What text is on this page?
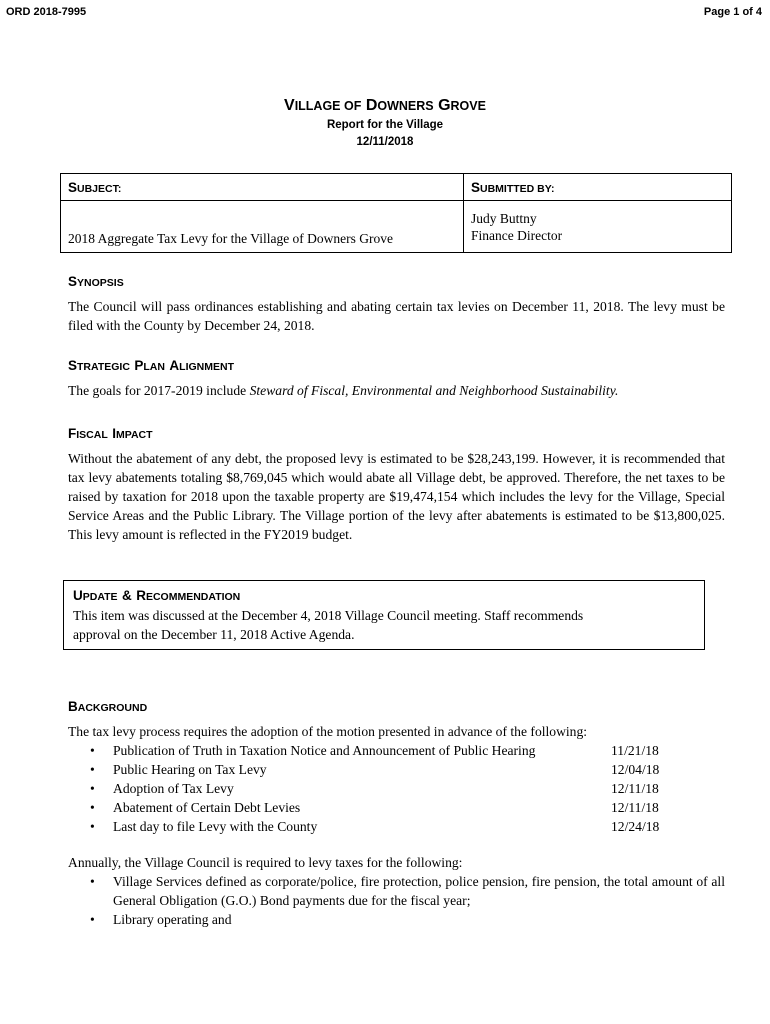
ORD 2018-7995	Page 1 of 4
VILLAGE OF DOWNERS GROVE
Report for the Village
12/11/2018
SUBJECT:	SUBMITTED BY:
2018 Aggregate Tax Levy for the Village of Downers Grove	Judy Buttny
Finance Director
SYNOPSIS
The Council will pass ordinances establishing and abating certain tax levies on December 11, 2018. The levy must be filed with the County by December 24, 2018.
STRATEGIC PLAN ALIGNMENT
The goals for 2017-2019 include Steward of Fiscal, Environmental and Neighborhood Sustainability.
FISCAL IMPACT
Without the abatement of any debt, the proposed levy is estimated to be $28,243,199. However, it is recommended that tax levy abatements totaling $8,769,045 which would abate all Village debt, be approved. Therefore, the net taxes to be raised by taxation for 2018 upon the taxable property are $19,474,154 which includes the levy for the Village, Special Service Areas and the Public Library. The Village portion of the levy after abatements is estimated to be $13,800,025. This levy amount is reflected in the FY2019 budget.
UPDATE & RECOMMENDATION
This item was discussed at the December 4, 2018 Village Council meeting. Staff recommends
approval on the December 11, 2018 Active Agenda.
BACKGROUND
The tax levy process requires the adoption of the motion presented in advance of the following:
• Publication of Truth in Taxation Notice and Announcement of Public Hearing	11/21/18
• Public Hearing on Tax Levy	12/04/18
• Adoption of Tax Levy	12/11/18
• Abatement of Certain Debt Levies	12/11/18
• Last day to file Levy with the County	12/24/18
Annually, the Village Council is required to levy taxes for the following:
• Village Services defined as corporate/police, fire protection, police pension, fire pension, the total amount of all General Obligation (G.O.) Bond payments due for the fiscal year;
• Library operating and
